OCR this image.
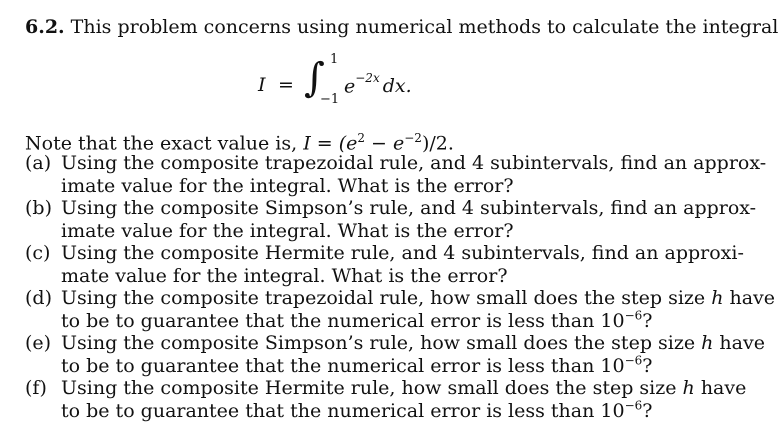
6.2. This problem concerns using numerical methods to calculate the integral
I = ∫ 1
−1
$e^{-2x}$ dx.
Note that the exact value is, $I = (e^2 - e^{-2})/2$.
(a) Using the composite trapezoidal rule, and 4 subintervals, find an approx-
imate value for the integral. What is the error?
(b) Using the composite Simpson’s rule, and 4 subintervals, find an approx-
imate value for the integral. What is the error?
(c) Using the composite Hermite rule, and 4 subintervals, find an approxi-
mate value for the integral. What is the error?
(d) Using the composite trapezoidal rule, how small does the step size h have
to be to guarantee that the numerical error is less than $10^{-6}$?
(e) Using the composite Simpson’s rule, how small does the step size h have
to be to guarantee that the numerical error is less than $10^{-6}$?
(f) Using the composite Hermite rule, how small does the step size h have
to be to guarantee that the numerical error is less than $10^{-6}$?
